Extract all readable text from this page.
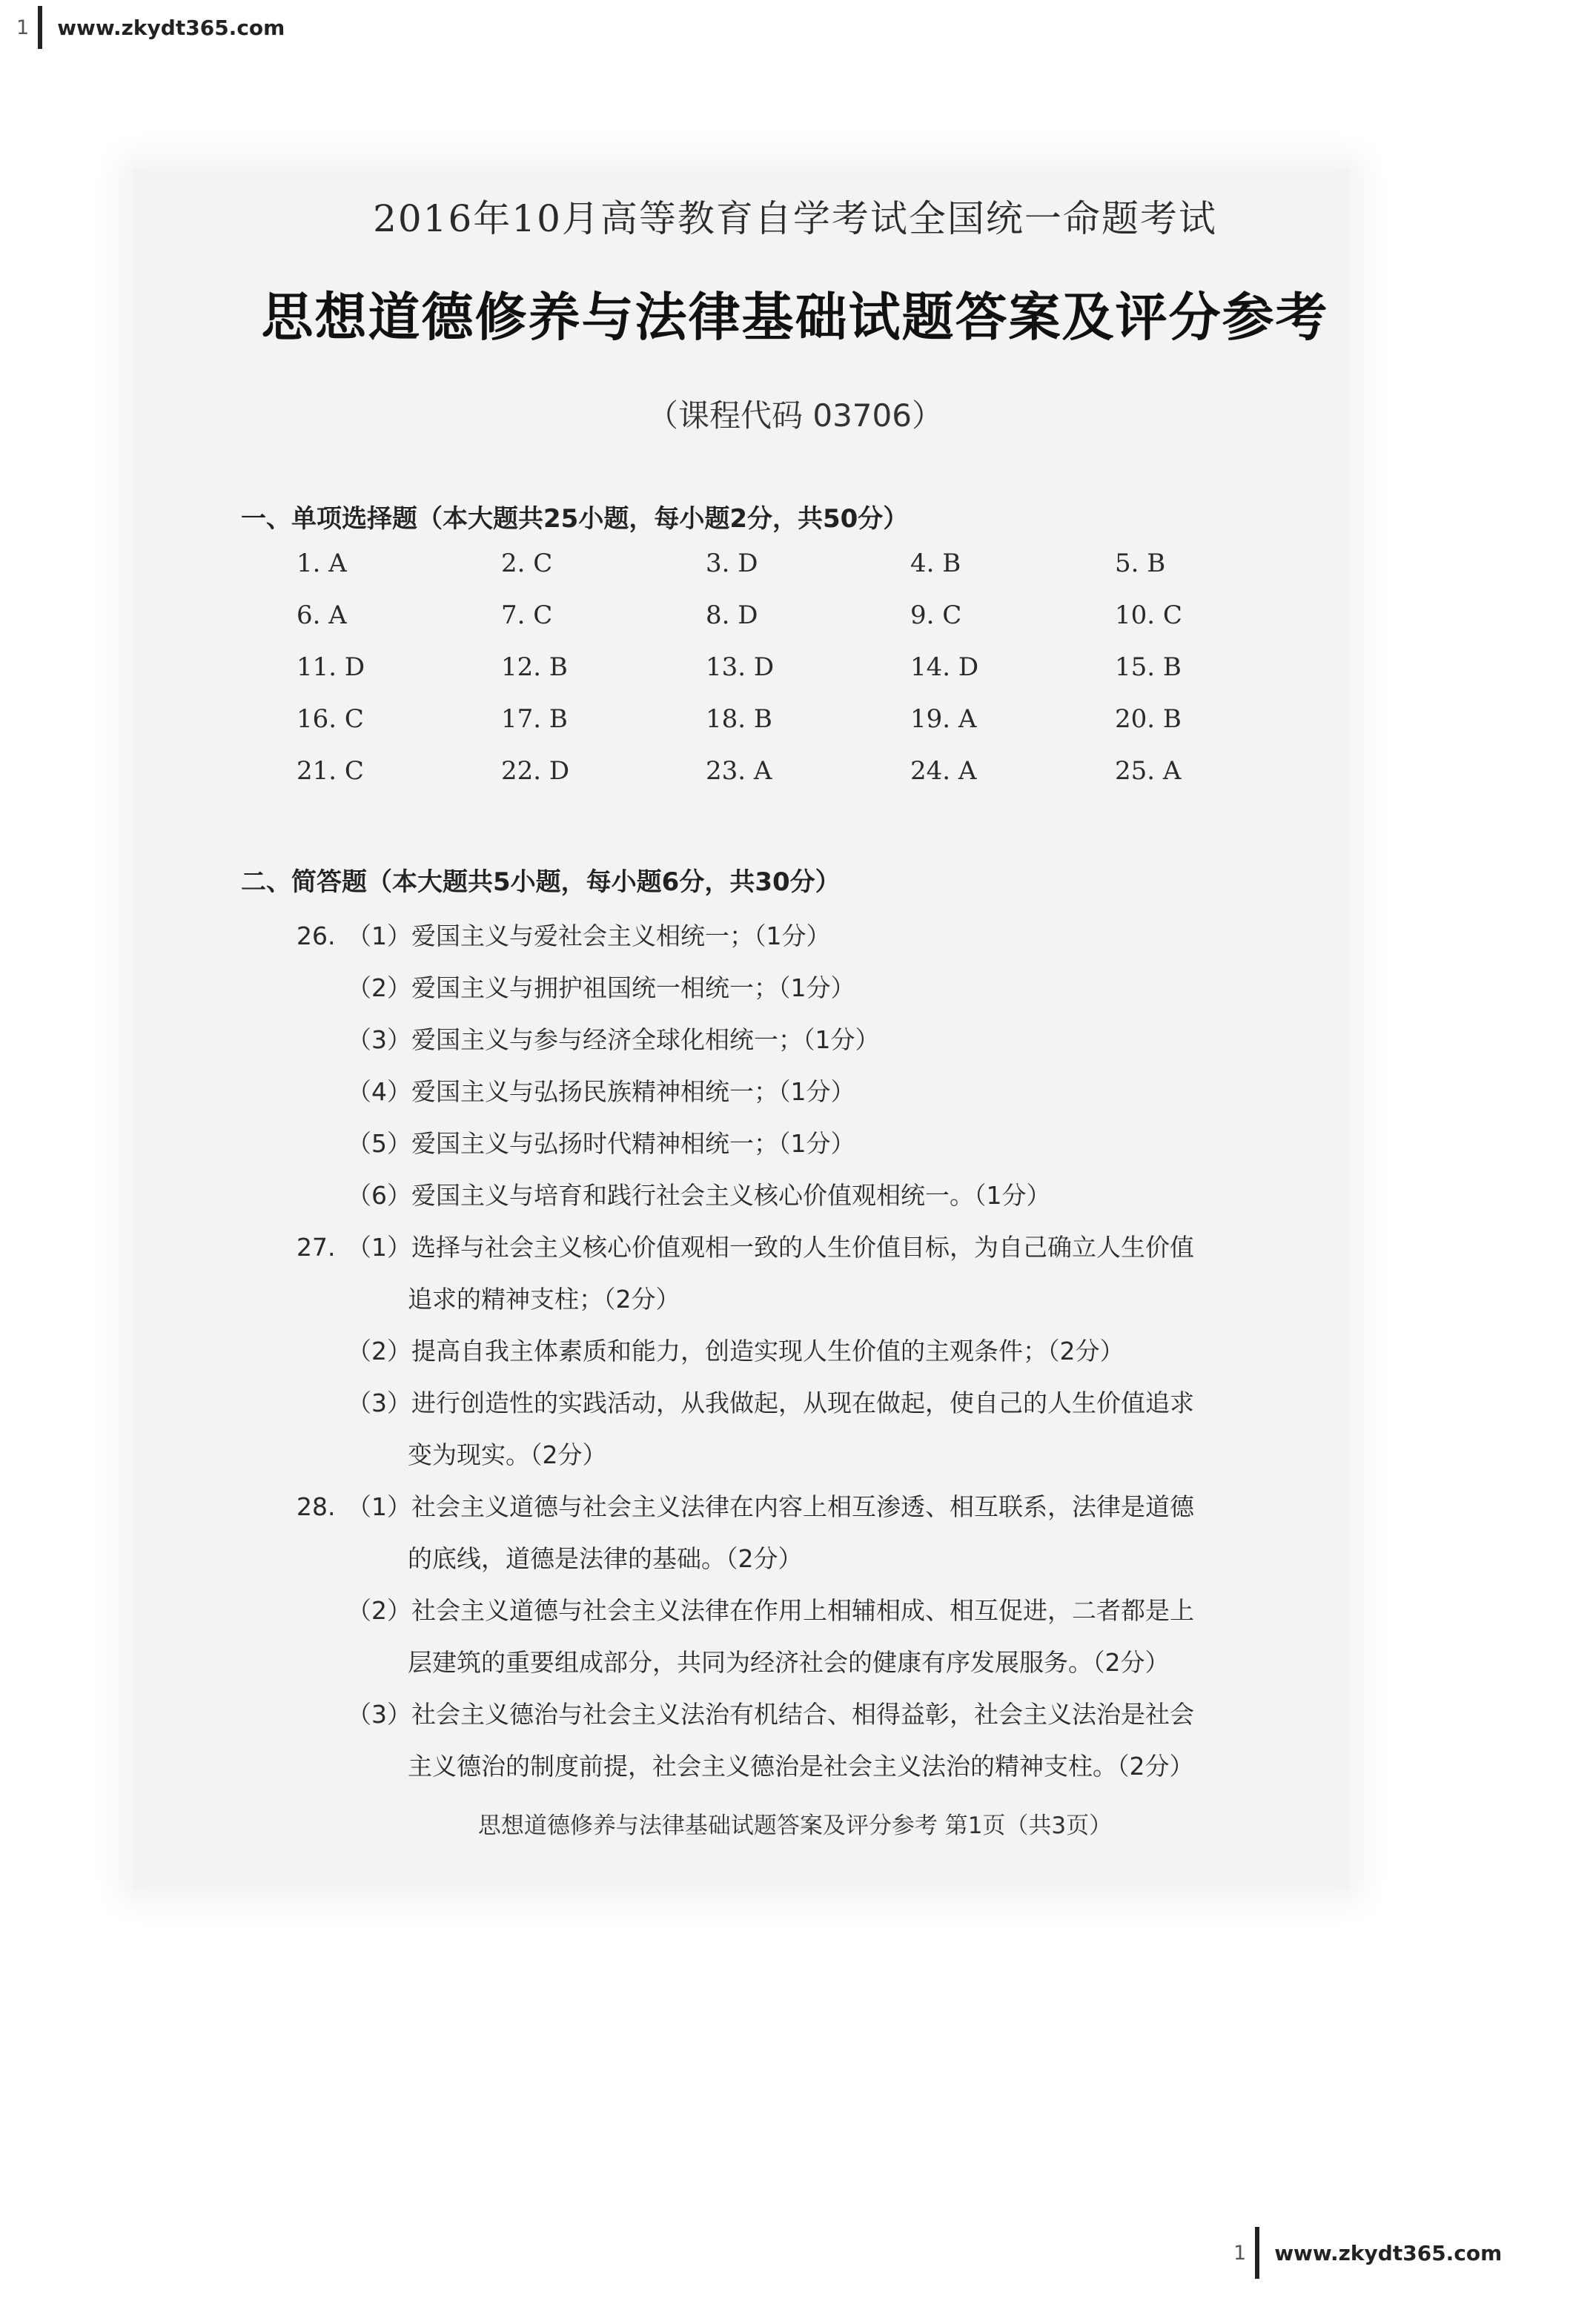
1 www.zkydt365.com
2016年10月高等教育自学考试全国统一命题考试
思想道德修养与法律基础试题答案及评分参考
（课程代码 03706）
一、单项选择题（本大题共25小题，每小题2分，共50分）
1. A	2. C	3. D	4. B	5. B
6. A	7. C	8. D	9. C	10. C
11. D	12. B	13. D	14. D	15. B
16. C	17. B	18. B	19. A	20. B
21. C	22. D	23. A	24. A	25. A
二、简答题（本大题共5小题，每小题6分，共30分）
26. （1）爱国主义与爱社会主义相统一；（1分）
（2）爱国主义与拥护祖国统一相统一；（1分）
（3）爱国主义与参与经济全球化相统一；（1分）
（4）爱国主义与弘扬民族精神相统一；（1分）
（5）爱国主义与弘扬时代精神相统一；（1分）
（6）爱国主义与培育和践行社会主义核心价值观相统一。（1分）
27. （1）选择与社会主义核心价值观相一致的人生价值目标，为自己确立人生价值
追求的精神支柱；（2分）
（2）提高自我主体素质和能力，创造实现人生价值的主观条件；（2分）
（3）进行创造性的实践活动，从我做起，从现在做起，使自己的人生价值追求
变为现实。（2分）
28. （1）社会主义道德与社会主义法律在内容上相互渗透、相互联系，法律是道德
的底线，道德是法律的基础。（2分）
（2）社会主义道德与社会主义法律在作用上相辅相成、相互促进，二者都是上
层建筑的重要组成部分，共同为经济社会的健康有序发展服务。（2分）
（3）社会主义德治与社会主义法治有机结合、相得益彰，社会主义法治是社会
主义德治的制度前提，社会主义德治是社会主义法治的精神支柱。（2分）
思想道德修养与法律基础试题答案及评分参考 第1页（共3页）
1 www.zkydt365.com
